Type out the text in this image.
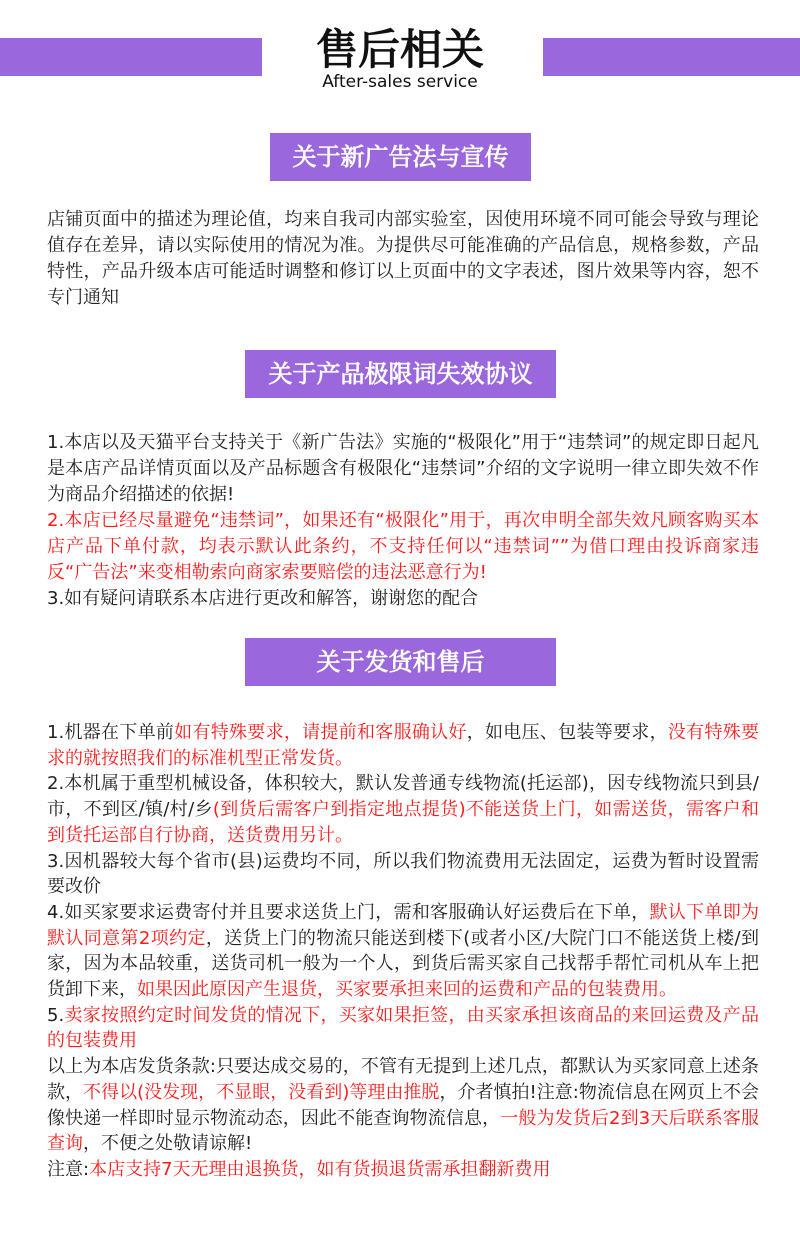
售后相关
After-sales service
关于新广告法与宣传

店铺页面中的描述为理论值，均来自我司内部实验室，因使用环境不同可能会导致与理论值存在差异，请以实际使用的情况为准。为提供尽可能准确的产品信息，规格参数，产品特性，产品升级本店可能适时调整和修订以上页面中的文字表述，图片效果等内容，恕不专门通知

关于产品极限词失效协议

1.本店以及天猫平台支持关于《新广告法》实施的“极限化”用于“违禁词”的规定即日起凡是本店产品详情页面以及产品标题含有极限化“违禁词”介绍的文字说明一律立即失效不作为商品介绍描述的依据!

2.本店已经尽量避免“违禁词”，如果还有“极限化”用于，再次申明全部失效凡顾客购买本店产品下单付款，均表示默认此条约，不支持任何以“违禁词””为借口理由投诉商家违反“广告法”来变相勒索向商家索要赔偿的违法恶意行为!

3.如有疑问请联系本店进行更改和解答，谢谢您的配合

关于发货和售后

1.机器在下单前如有特殊要求，请提前和客服确认好，如电压、包装等要求，没有特殊要求的就按照我们的标准机型正常发货。

2.本机属于重型机械设备，体积较大，默认发普通专线物流(托运部)，因专线物流只到县/市，不到区/镇/村/乡(到货后需客户到指定地点提货)不能送货上门，如需送货，需客户和到货托运部自行协商，送货费用另计。

3.因机器较大每个省市(县)运费均不同，所以我们物流费用无法固定，运费为暂时设置需要改价

4.如买家要求运费寄付并且要求送货上门，需和客服确认好运费后在下单，默认下单即为默认同意第2项约定，送货上门的物流只能送到楼下(或者小区/大院门口不能送货上楼/到家，因为本品较重，送货司机一般为一个人，到货后需买家自己找帮手帮忙司机从车上把货卸下来，如果因此原因产生退货，买家要承担来回的运费和产品的包装费用。

5.卖家按照约定时间发货的情况下，买家如果拒签，由买家承担该商品的来回运费及产品的包装费用

以上为本店发货条款:只要达成交易的，不管有无提到上述几点，都默认为买家同意上述条款，不得以(没发现，不显眼，没看到)等理由推脱，介者慎拍!注意:物流信息在网页上不会像快递一样即时显示物流动态，因此不能查询物流信息，一般为发货后2到3天后联系客服查询，不便之处敬请谅解!

注意:本店支持7天无理由退换货，如有货损退货需承担翻新费用
